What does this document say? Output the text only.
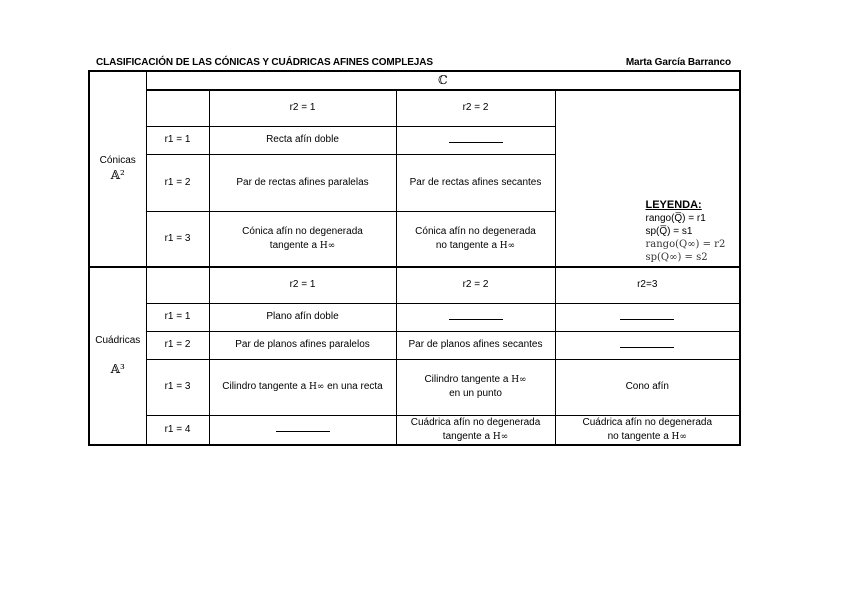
CLASIFICACIÓN DE LAS CÓNICAS Y CUÁDRICAS AFINES COMPLEJAS	Marta García Barranco
Cónicas
𝔸²	ℂ			
		r2 = 1	r2 = 2	LEYENDA:
rango(Q̅) = r1
sp(Q̅) = s1
rango(Q∞) = r2
sp(Q∞) = s2

	r1 = 1	Recta afín doble		
	r1 = 2	Par de rectas afines paralelas	Par de rectas afines secantes	
	r1 = 3	Cónica afín no degenerada
tangente a H∞	Cónica afín no degenerada
no tangente a H∞	
Cuádricas

𝔸³		r2 = 1	r2 = 2	r2=3
	r1 = 1	Plano afín doble		
	r1 = 2	Par de planos afines paralelos	Par de planos afines secantes	
	r1 = 3	Cilindro tangente a H∞ en una recta	Cilindro tangente a H∞
en un punto	Cono afín
	r1 = 4		Cuádrica afín no degenerada
tangente a H∞	Cuádrica afín no degenerada
no tangente a H∞
